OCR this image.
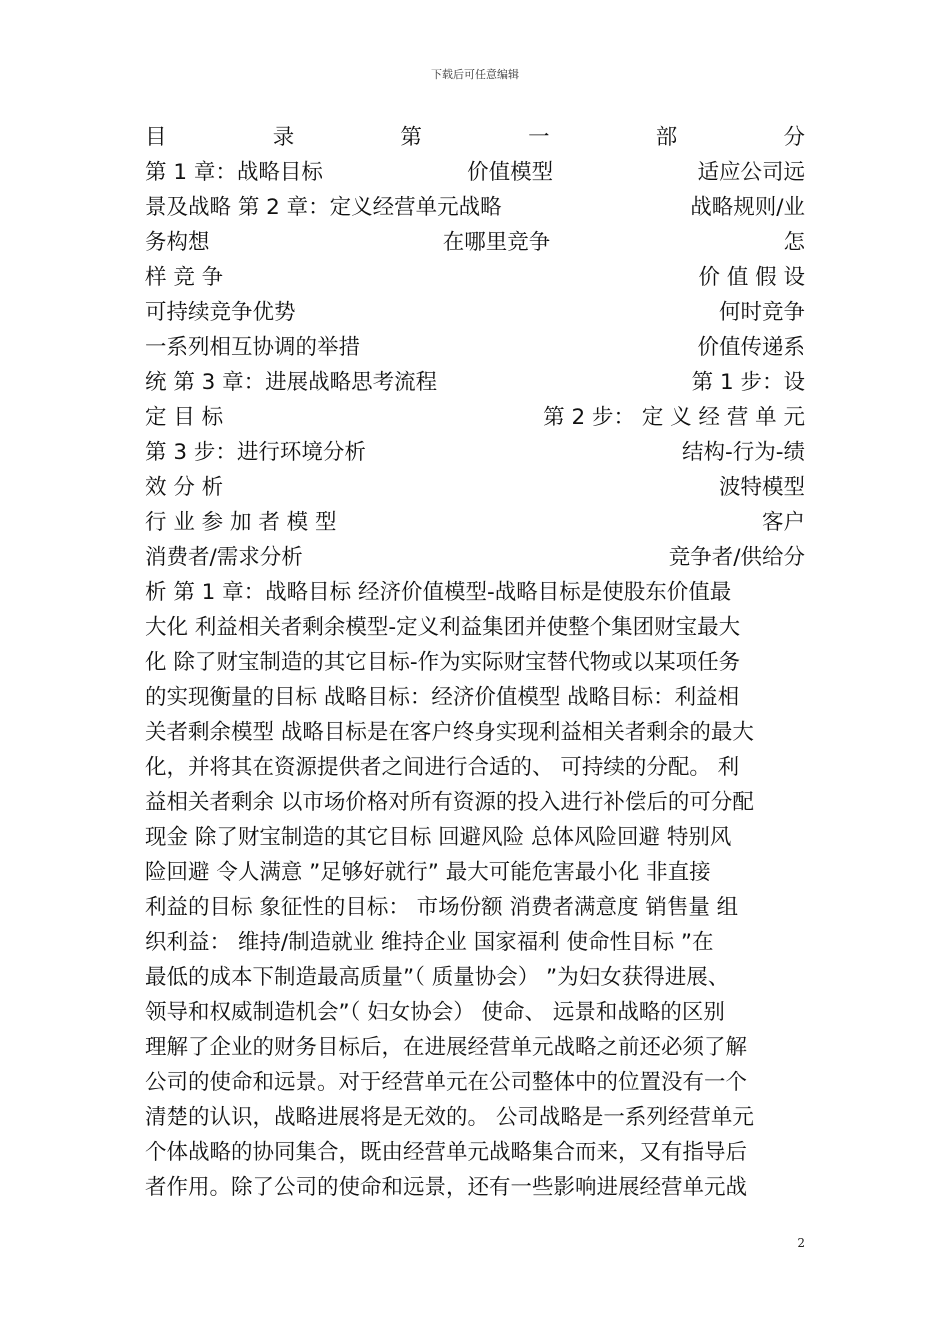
下载后可任意编辑
目	录	第	一	部	分
第 1 章：战略目标	价值模型	适应公司远
景及战略 第 2 章：定义经营单元战略	战略规则/业
务构想	在哪里竞争	怎
样 竞 争	价 值 假 设
可持续竞争优势	何时竞争
一系列相互协调的举措	价值传递系
统 第 3 章：进展战略思考流程	第 1 步：设
定 目 标	第 2 步： 定 义 经 营 单 元
第 3 步：进行环境分析	结构-行为-绩
效 分 析	波特模型
行 业 参 加 者 模 型	客户
消费者/需求分析	竞争者/供给分
析 第 1 章：战略目标 经济价值模型-战略目标是使股东价值最
大化 利益相关者剩余模型-定义利益集团并使整个集团财宝最大
化 除了财宝制造的其它目标-作为实际财宝替代物或以某项任务
的实现衡量的目标 战略目标：经济价值模型 战略目标：利益相
关者剩余模型 战略目标是在客户终身实现利益相关者剩余的最大
化，并将其在资源提供者之间进行合适的、 可持续的分配。 利
益相关者剩余 以市场价格对所有资源的投入进行补偿后的可分配
现金 除了财宝制造的其它目标 回避风险 总体风险回避 特别风
险回避 令人满意 ”足够好就行” 最大可能危害最小化 非直接
利益的目标 象征性的目标： 市场份额 消费者满意度 销售量 组
织利益： 维持/制造就业 维持企业 国家福利 使命性目标 ”在
最低的成本下制造最高质量”（ 质量协会） ”为妇女获得进展、
领导和权威制造机会”（ 妇女协会） 使命、 远景和战略的区别
理解了企业的财务目标后，在进展经营单元战略之前还必须了解
公司的使命和远景。对于经营单元在公司整体中的位置没有一个
清楚的认识，战略进展将是无效的。 公司战略是一系列经营单元
个体战略的协同集合，既由经营单元战略集合而来，又有指导后
者作用。除了公司的使命和远景，还有一些影响进展经营单元战
2
